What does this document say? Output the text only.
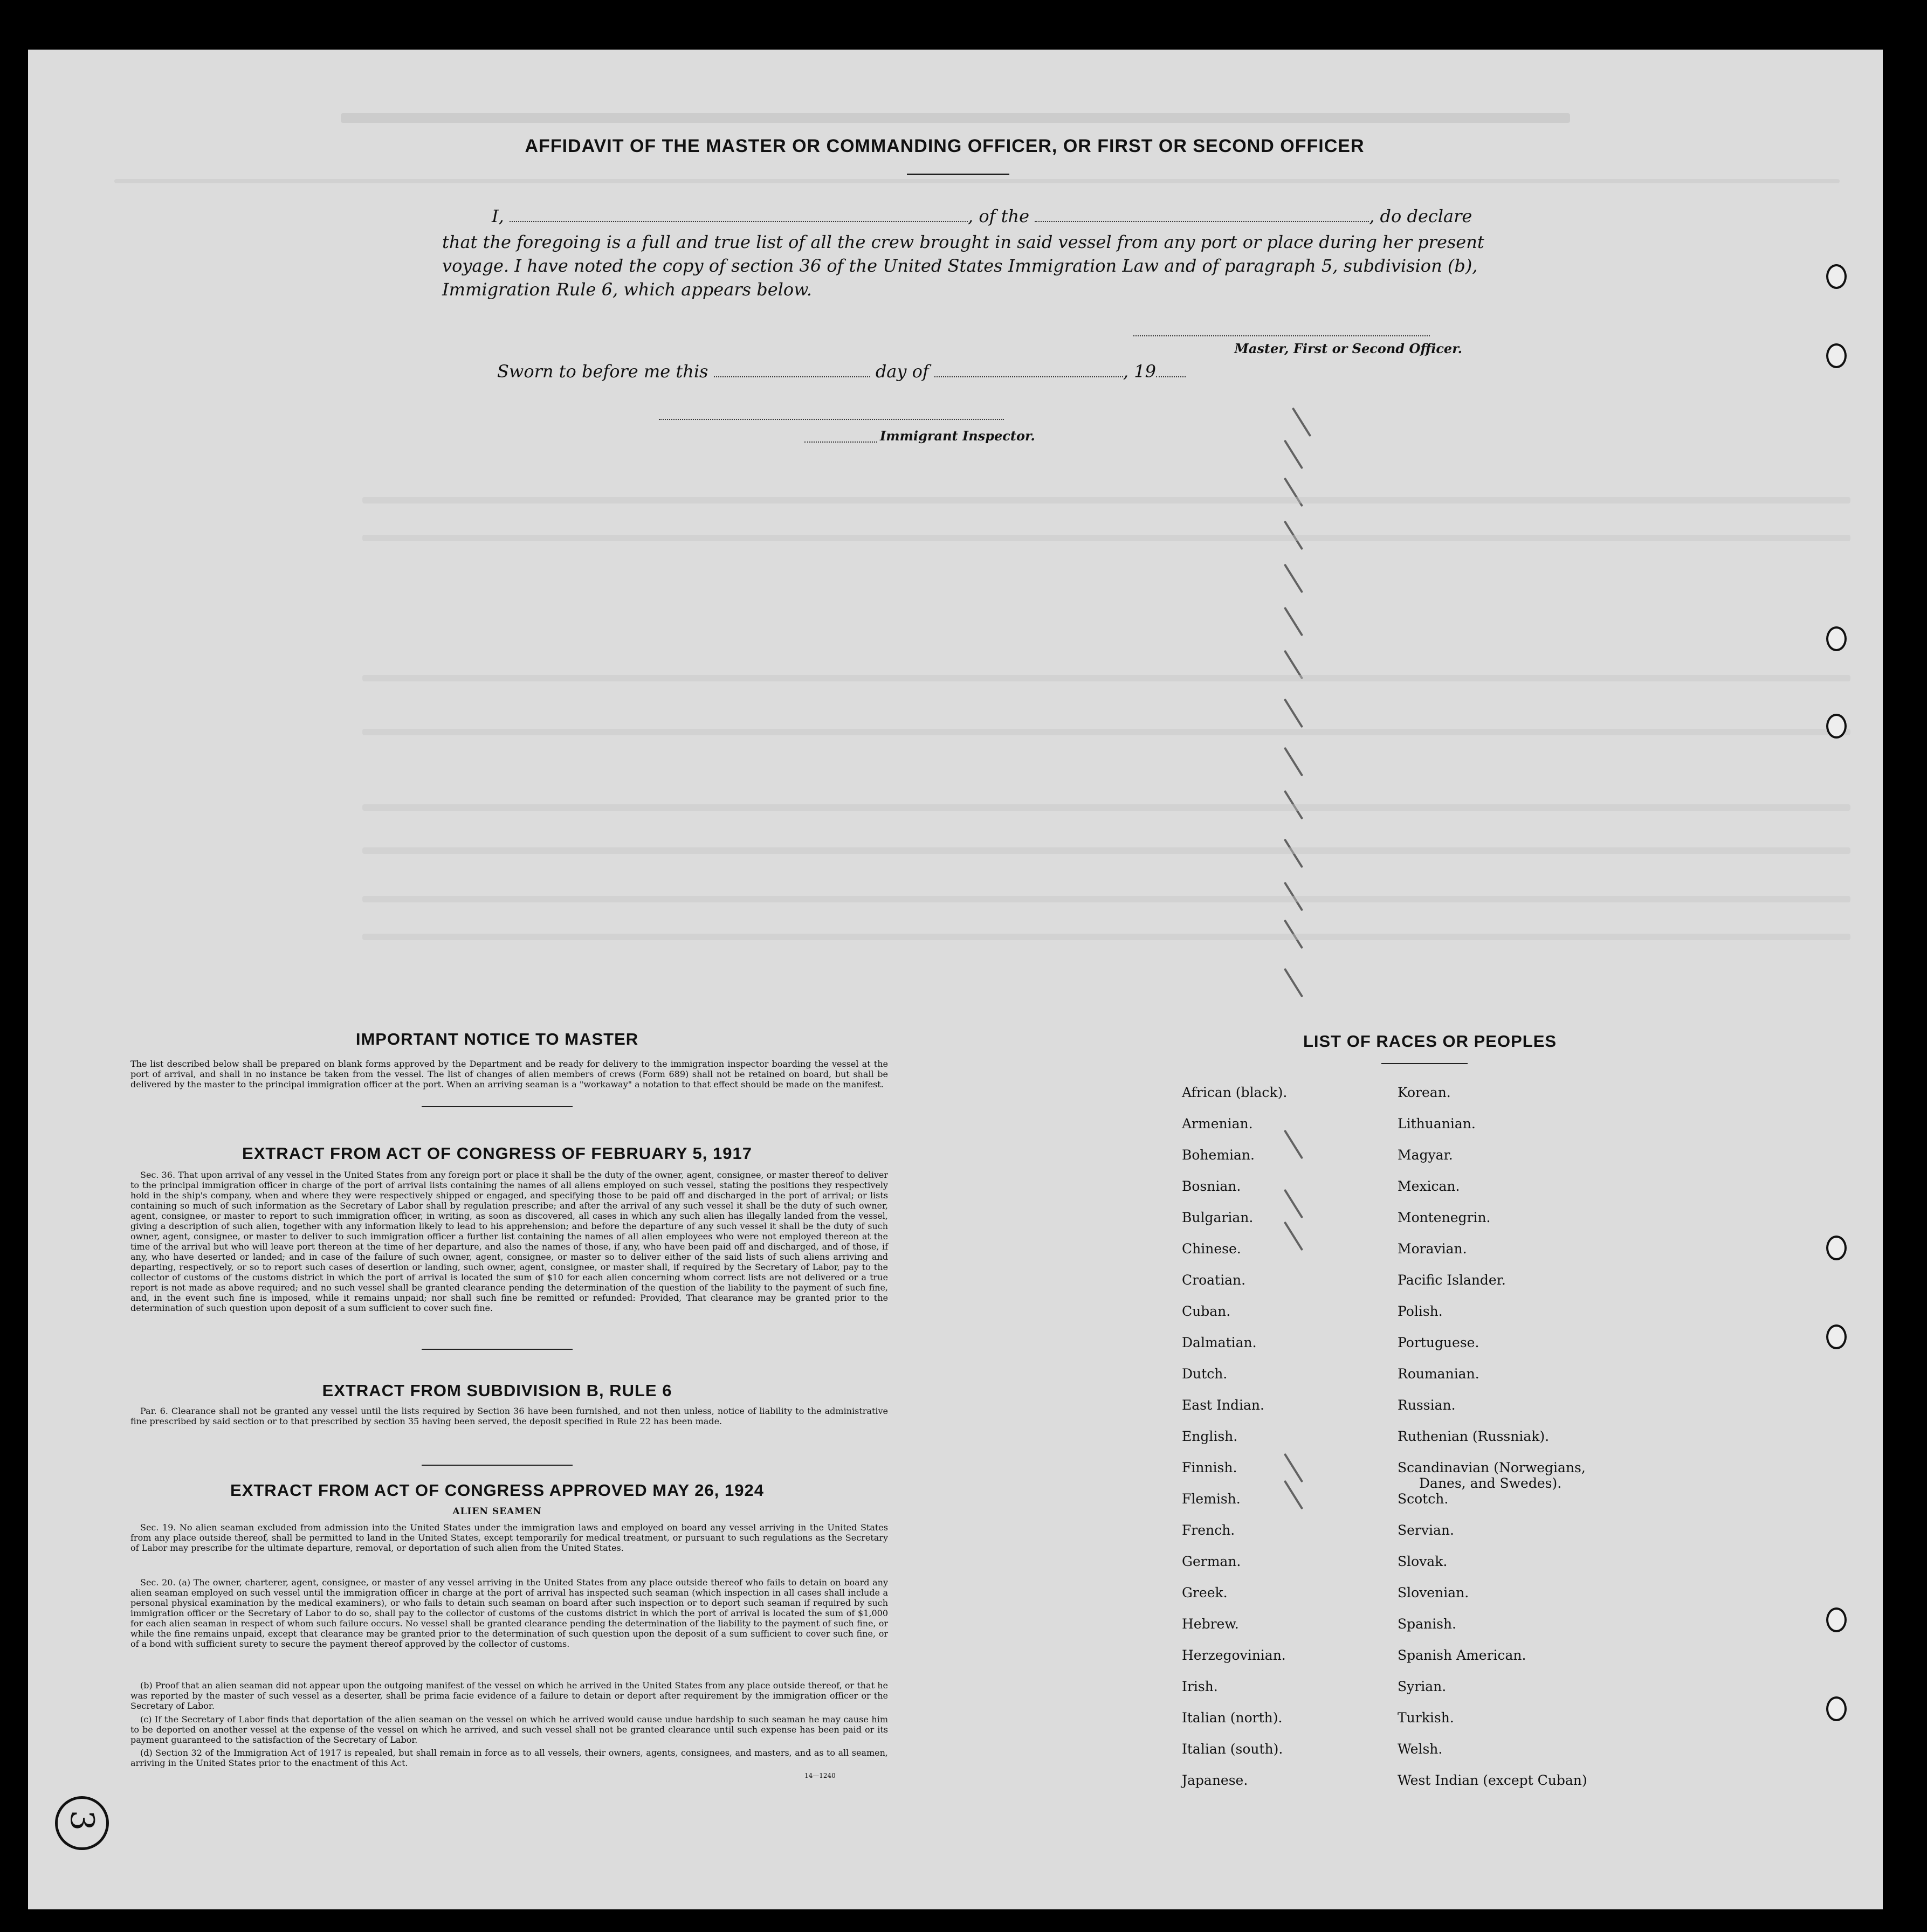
AFFIDAVIT OF THE MASTER OR COMMANDING OFFICER, OR FIRST OR SECOND OFFICER
I,	, of the	, do declare
that the foregoing is a full and true list of all the crew brought in said vessel from any port or place during her present
voyage. I have noted the copy of section 36 of the United States Immigration Law and of paragraph 5, subdivision (b),
Immigration Rule 6, which appears below.
Master, First or Second Officer.
Sworn to before me this	day of	, 19
Immigrant Inspector.
IMPORTANT NOTICE TO MASTER
The list described below shall be prepared on blank forms approved by the Department and be ready for delivery to the immigration inspector boarding the vessel at the port of arrival, and shall in no instance be taken from the vessel. The list of changes of alien members of crews (Form 689) shall not be retained on board, but shall be delivered by the master to the principal immigration officer at the port. When an arriving seaman is a "workaway" a notation to that effect should be made on the manifest.
EXTRACT FROM ACT OF CONGRESS OF FEBRUARY 5, 1917
Sec. 36. That upon arrival of any vessel in the United States from any foreign port or place it shall be the duty of the owner, agent, consignee, or master thereof to deliver to the principal immigration officer in charge of the port of arrival lists containing the names of all aliens employed on such vessel, stating the positions they respectively hold in the ship's company, when and where they were respectively shipped or engaged, and specifying those to be paid off and discharged in the port of arrival; or lists containing so much of such information as the Secretary of Labor shall by regulation prescribe; and after the arrival of any such vessel it shall be the duty of such owner, agent, consignee, or master to report to such immigration officer, in writing, as soon as discovered, all cases in which any such alien has illegally landed from the vessel, giving a description of such alien, together with any information likely to lead to his apprehension; and before the departure of any such vessel it shall be the duty of such owner, agent, consignee, or master to deliver to such immigration officer a further list containing the names of all alien employees who were not employed thereon at the time of the arrival but who will leave port thereon at the time of her departure, and also the names of those, if any, who have been paid off and discharged, and of those, if any, who have deserted or landed; and in case of the failure of such owner, agent, consignee, or master so to deliver either of the said lists of such aliens arriving and departing, respectively, or so to report such cases of desertion or landing, such owner, agent, consignee, or master shall, if required by the Secretary of Labor, pay to the collector of customs of the customs district in which the port of arrival is located the sum of $10 for each alien concerning whom correct lists are not delivered or a true report is not made as above required; and no such vessel shall be granted clearance pending the determination of the question of the liability to the payment of such fine, and, in the event such fine is imposed, while it remains unpaid; nor shall such fine be remitted or refunded: Provided, That clearance may be granted prior to the determination of such question upon deposit of a sum sufficient to cover such fine.
EXTRACT FROM SUBDIVISION B, RULE 6
Par. 6. Clearance shall not be granted any vessel until the lists required by Section 36 have been furnished, and not then unless, notice of liability to the administrative fine prescribed by said section or to that prescribed by section 35 having been served, the deposit specified in Rule 22 has been made.
EXTRACT FROM ACT OF CONGRESS APPROVED MAY 26, 1924
ALIEN SEAMEN
Sec. 19. No alien seaman excluded from admission into the United States under the immigration laws and employed on board any vessel arriving in the United States from any place outside thereof, shall be permitted to land in the United States, except temporarily for medical treatment, or pursuant to such regulations as the Secretary of Labor may prescribe for the ultimate departure, removal, or deportation of such alien from the United States.
Sec. 20. (a) The owner, charterer, agent, consignee, or master of any vessel arriving in the United States from any place outside thereof who fails to detain on board any alien seaman employed on such vessel until the immigration officer in charge at the port of arrival has inspected such seaman (which inspection in all cases shall include a personal physical examination by the medical examiners), or who fails to detain such seaman on board after such inspection or to deport such seaman if required by such immigration officer or the Secretary of Labor to do so, shall pay to the collector of customs of the customs district in which the port of arrival is located the sum of $1,000 for each alien seaman in respect of whom such failure occurs. No vessel shall be granted clearance pending the determination of the liability to the payment of such fine, or while the fine remains unpaid, except that clearance may be granted prior to the determination of such question upon the deposit of a sum sufficient to cover such fine, or of a bond with sufficient surety to secure the payment thereof approved by the collector of customs.
(b) Proof that an alien seaman did not appear upon the outgoing manifest of the vessel on which he arrived in the United States from any place outside thereof, or that he was reported by the master of such vessel as a deserter, shall be prima facie evidence of a failure to detain or deport after requirement by the immigration officer or the Secretary of Labor.
(c) If the Secretary of Labor finds that deportation of the alien seaman on the vessel on which he arrived would cause undue hardship to such seaman he may cause him to be deported on another vessel at the expense of the vessel on which he arrived, and such vessel shall not be granted clearance until such expense has been paid or its payment guaranteed to the satisfaction of the Secretary of Labor.
(d) Section 32 of the Immigration Act of 1917 is repealed, but shall remain in force as to all vessels, their owners, agents, consignees, and masters, and as to all seamen, arriving in the United States prior to the enactment of this Act.
14—1240
3
LIST OF RACES OR PEOPLES
African (black).
Armenian.
Bohemian.
Bosnian.
Bulgarian.
Chinese.
Croatian.
Cuban.
Dalmatian.
Dutch.
East Indian.
English.
Finnish.
Flemish.
French.
German.
Greek.
Hebrew.
Herzegovinian.
Irish.
Italian (north).
Italian (south).
Japanese.
Korean.
Lithuanian.
Magyar.
Mexican.
Montenegrin.
Moravian.
Pacific Islander.
Polish.
Portuguese.
Roumanian.
Russian.
Ruthenian (Russniak).
Scandinavian (Norwegians,
Danes, and Swedes).
Scotch.
Servian.
Slovak.
Slovenian.
Spanish.
Spanish American.
Syrian.
Turkish.
Welsh.
West Indian (except Cuban)
